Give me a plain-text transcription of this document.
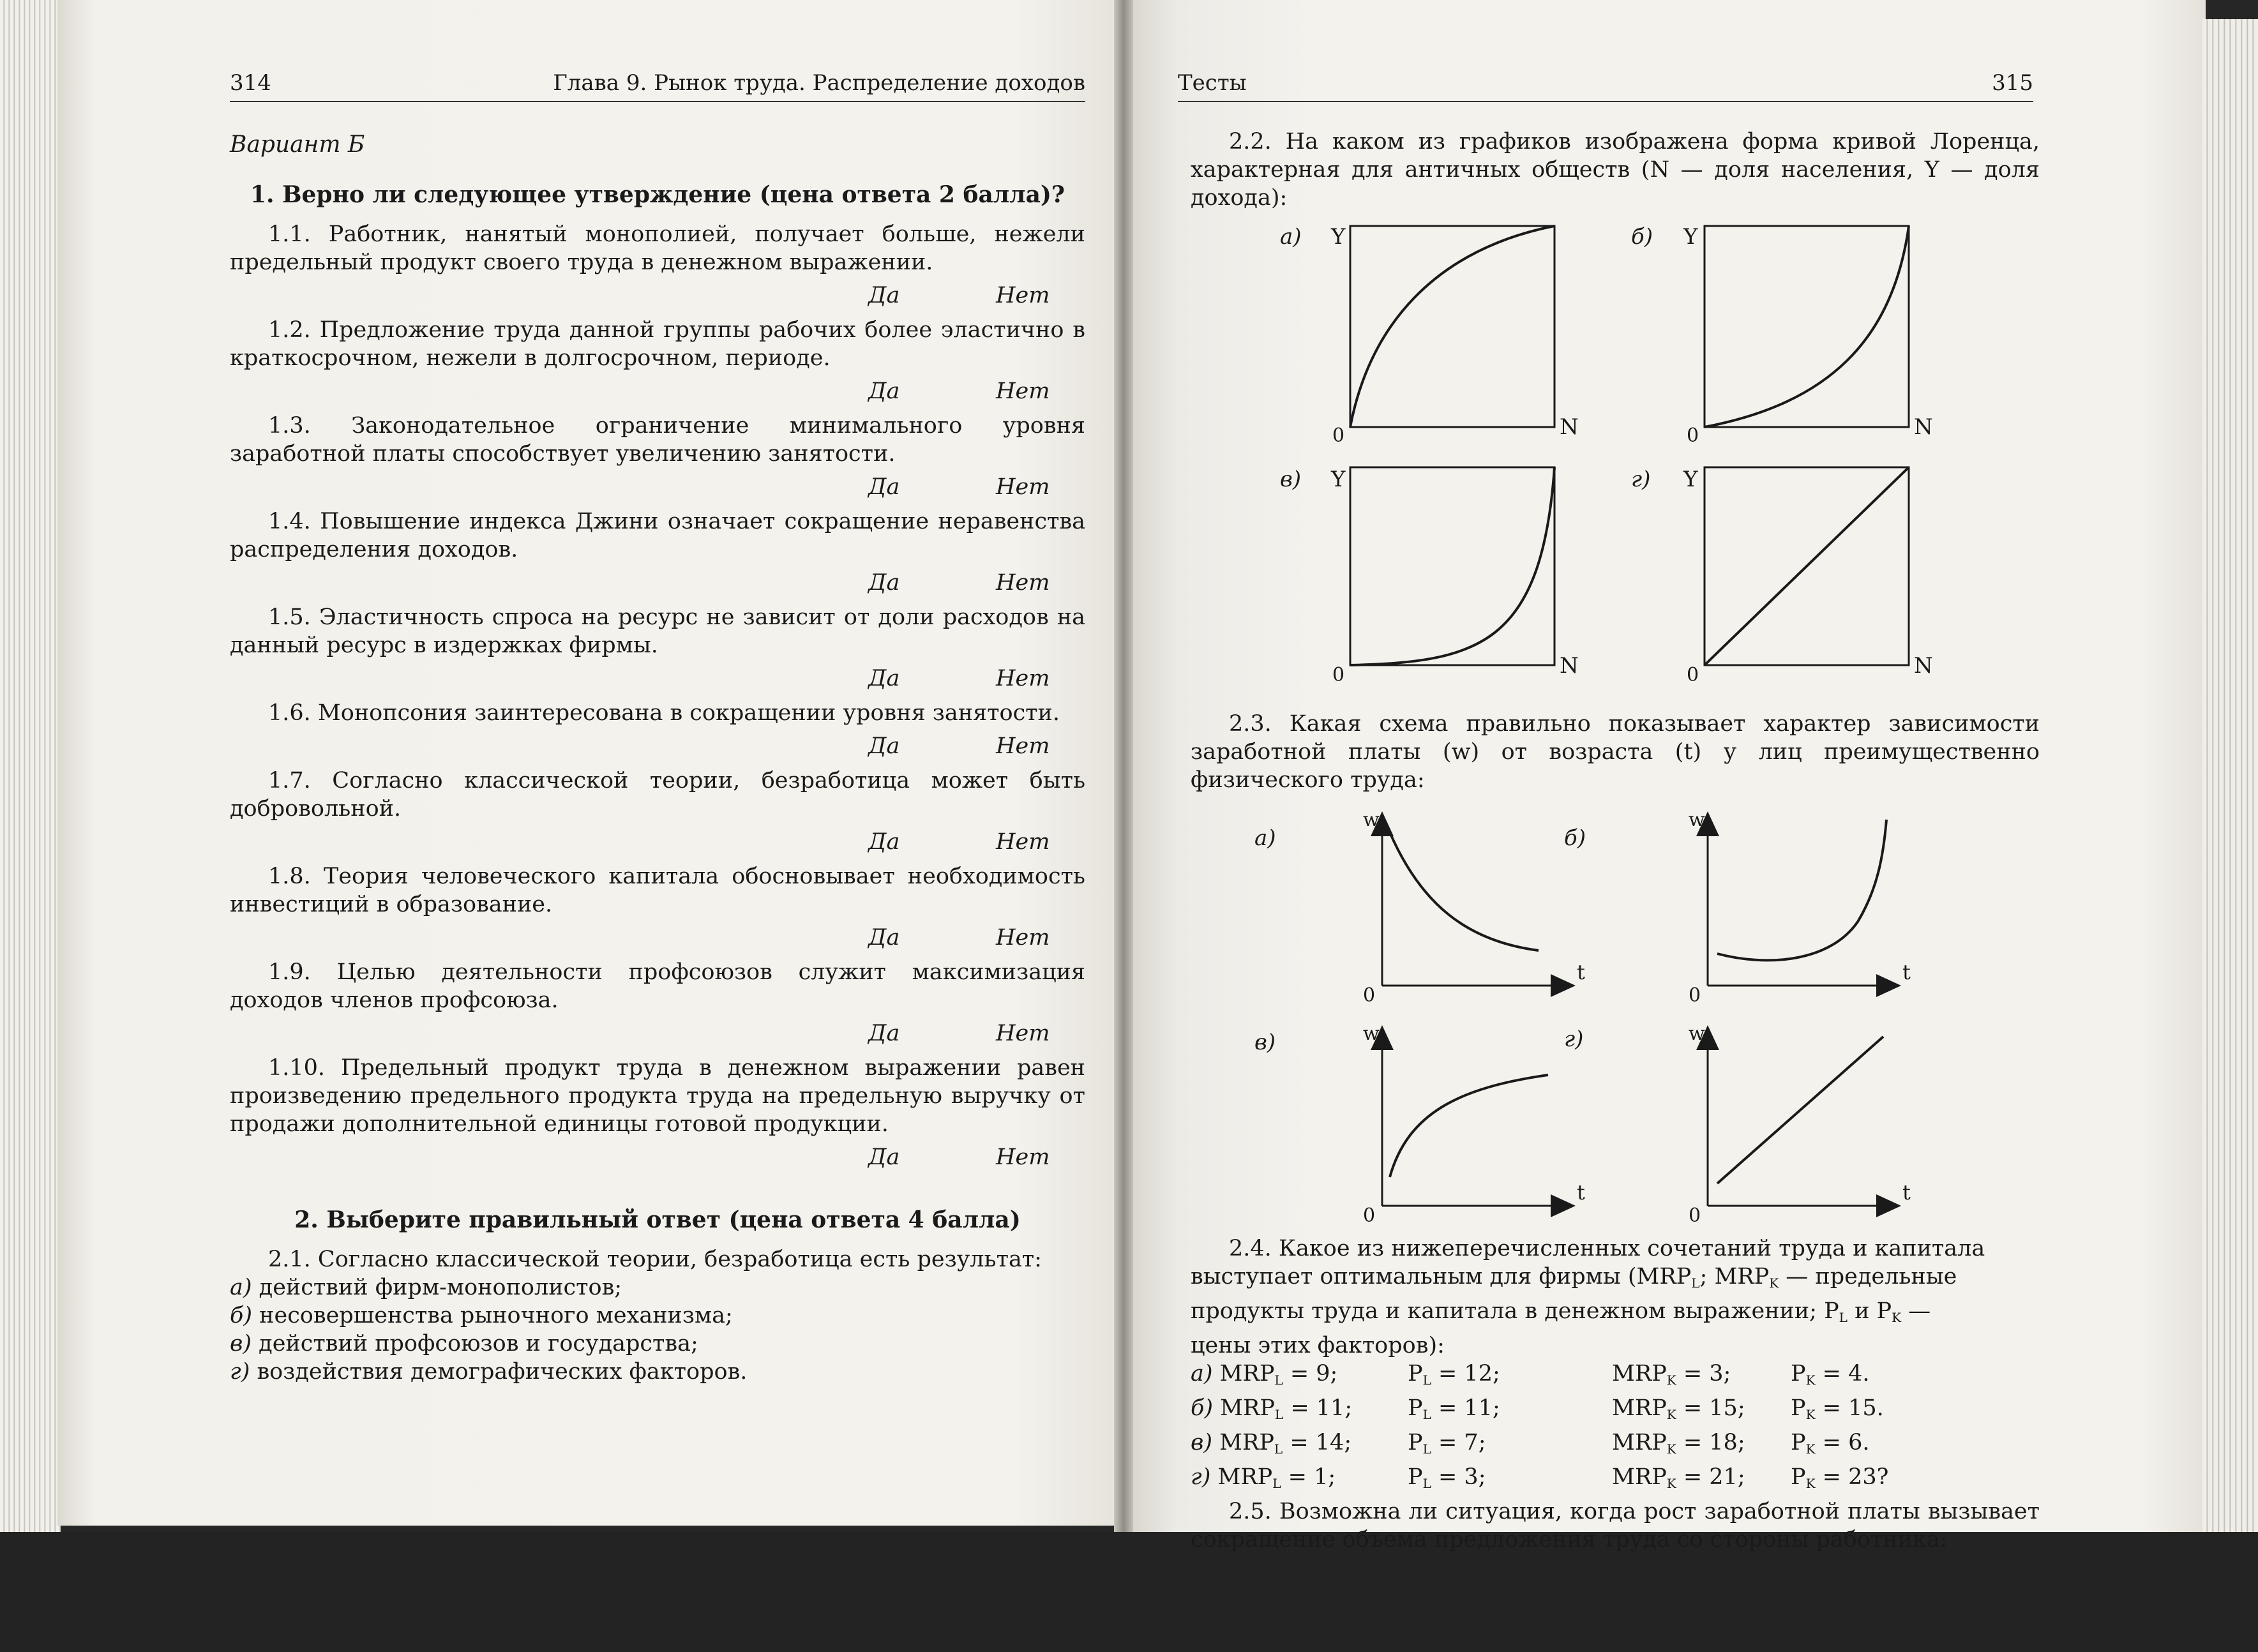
314	Глава 9. Рынок труда. Распределение доходов	Тесты	315

Вариант Б

1. Верно ли следующее утверждение (цена ответа 2 балла)?

1.1. Работник, нанятый монополией, получает больше, нежели предельный продукт своего труда в денежном выражении.

Да	Нет

1.2. Предложение труда данной группы рабочих более эластично в краткосрочном, нежели в долгосрочном, периоде.

Да	Нет

1.3. Законодательное ограничение минимального уровня заработной платы способствует увеличению занятости.

Да	Нет

1.4. Повышение индекса Джини означает сокращение неравенства распределения доходов.

Да	Нет

1.5. Эластичность спроса на ресурс не зависит от доли расходов на данный ресурс в издержках фирмы.

Да	Нет

1.6. Монопсония заинтересована в сокращении уровня занятости.

Да	Нет

1.7. Согласно классической теории, безработица может быть добровольной.

Да	Нет

1.8. Теория человеческого капитала обосновывает необходимость инвестиций в образование.

Да	Нет

1.9. Целью деятельности профсоюзов служит максимизация доходов членов профсоюза.

Да	Нет

1.10. Предельный продукт труда в денежном выражении равен произведению предельного продукта труда на предельную выручку от продажи дополнительной единицы готовой продукции.

Да	Нет

2. Выберите правильный ответ (цена ответа 4 балла)

2.1. Согласно классической теории, безработица есть результат:

а) действий фирм-монополистов;

б) несовершенства рыночного механизма;

в) действий профсоюзов и государства;

г) воздействия демографических факторов.

2.2. На каком из графиков изображена форма кривой Лоренца, характерная для античных обществ (N — доля населения, Y — доля дохода):

а) Y
0	N
б) Y
0	N
в) Y
0	N
г) Y
0	N

2.3. Какая схема правильно показывает характер зависимости заработной платы (w) от возраста (t) у лиц преимущественно физического труда:

а)
w
t
0
б)
w
t
0
в)	w
t
0
г)	w
t
0

2.4. Какое из нижеперечисленных сочетаний труда и капитала

выступает оптимальным для фирмы ($MRP_L$; $MRP_K$ — предельные

продукты труда и капитала в денежном выражении; $P_L$ и $P_K$ —

цены этих факторов):

а) $MRP_L = 9$;	$P_L = 12$;	$MRP_K = 3$;	$P_K = 4$.
б) $MRP_L = 11$;	$P_L = 11$;	$MRP_K = 15$;	$P_K = 15$.
в) $MRP_L = 14$;	$P_L = 7$;	$MRP_K = 18$;	$P_K = 6$.
г) $MRP_L = 1$;	$P_L = 3$;	$MRP_K = 21$;	$P_K = 23$?

2.5. Возможна ли ситуация, когда рост заработной платы вызывает сокращение объема предложения труда со стороны работника:
